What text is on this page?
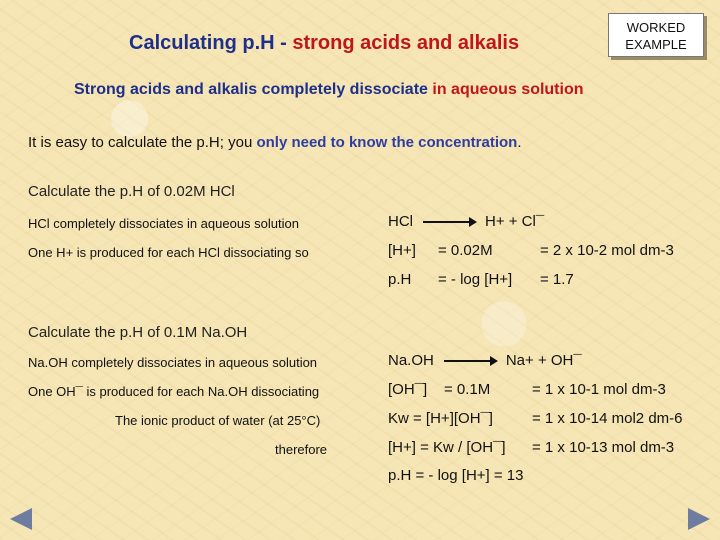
Calculating p.H - strong acids and alkalis
WORKED
EXAMPLE
Strong acids and alkalis completely dissociate in aqueous solution
It is easy to calculate the p.H; you only need to know the concentration.
Calculate the p.H of 0.02M HCl
HCl completely dissociates in aqueous solution
One H+ is produced for each HCl dissociating so
HCl → H+ + Cl¯
[H+] = 0.02M	= 2 x 10-2 mol dm-3
p.H = - log [H+] = 1.7
Calculate the p.H of 0.1M Na.OH
Na.OH completely dissociates in aqueous solution
One OH¯ is produced for each Na.OH dissociating
The ionic product of water (at 25°C)
therefore
Na.OH → Na+ + OH¯
[OH¯] = 0.1M	= 1 x 10-1 mol dm-3
Kw = [H+][OH¯]	= 1 x 10-14 mol2 dm-6
[H+] = Kw / [OH¯] = 1 x 10-13 mol dm-3
p.H = - log [H+] = 13
